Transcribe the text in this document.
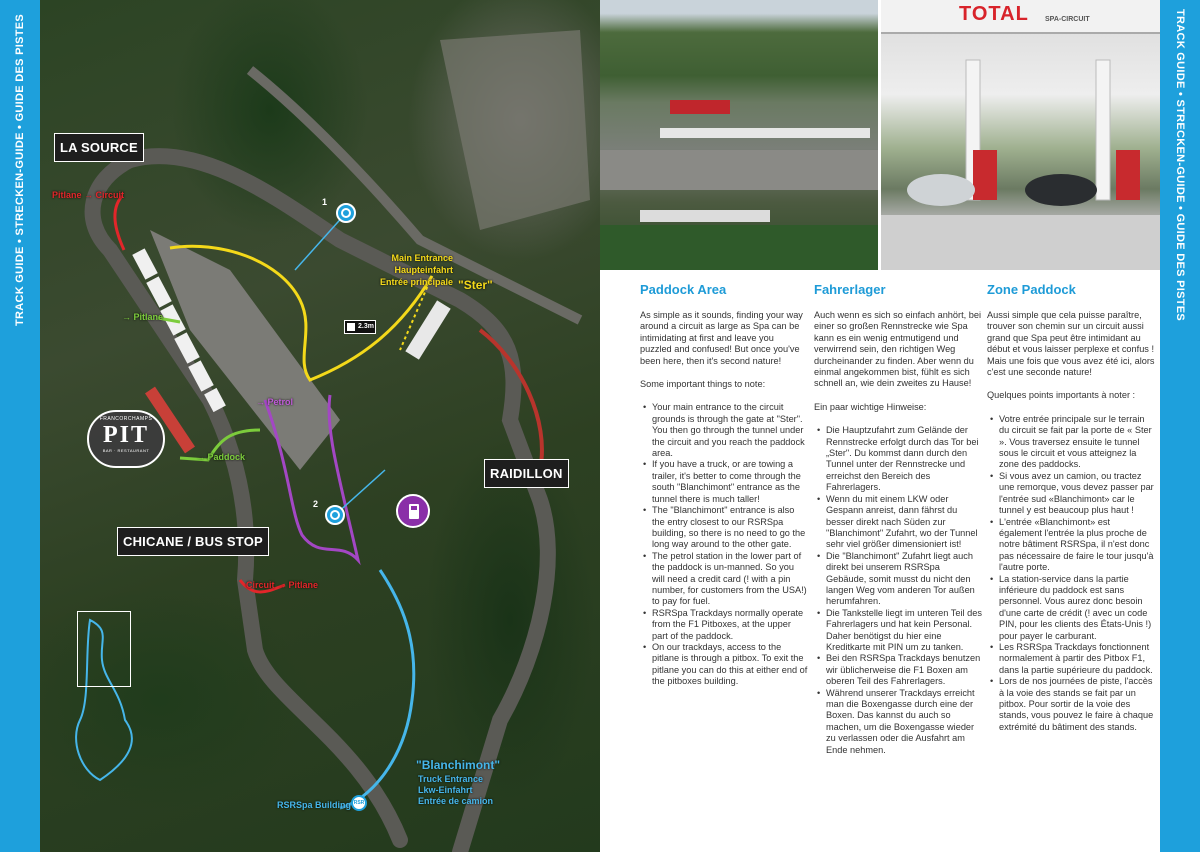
TRACK GUIDE • STRECKEN-GUIDE • GUIDE DES PISTES	LA SOURCE
RAIDILLON
CHICANE / BUS STOP
Main Entrance
Haupteinfahrt
Entrée principale "Ster"
Pitlane → Circuit
→ Pitlane
→ Paddock
→ Petrol
Circuit → Pitlane
"Blanchimont"
Truck Entrance
Lkw-Einfahrt
Entrée de camion
RSRSpa Building RSR
1
2
2.3m
FRANCORCHAMPS
PIT
BAR · RESTAURANT
TOTAL SPA-CIRCUIT
Paddock Area

As simple as it sounds, finding your way around a circuit as large as Spa can be intimidating at first and leave you puzzled and confused! But once you've been here, then it's second nature!

Some important things to note:

• Your main entrance to the circuit grounds is through the gate at "Ster". You then go through the tunnel under the circuit and you reach the paddock area.
• If you have a truck, or are towing a trailer, it's better to come through the south "Blanchimont" entrance as the tunnel there is much taller!
• The "Blanchimont" entrance is also the entry closest to our RSRSpa building, so there is no need to go the long way around to the other gate.
• The petrol station in the lower part of the paddock is un-manned. So you will need a credit card (! with a pin number, for customers from the USA!) to pay for fuel.
• RSRSpa Trackdays normally operate from the F1 Pitboxes, at the upper part of the paddock.
• On our trackdays, access to the pitlane is through a pitbox. To exit the pitlane you can do this at either end of the pitboxes building.
Fahrerlager

Auch wenn es sich so einfach anhört, bei einer so großen Rennstrecke wie Spa kann es ein wenig entmutigend und verwirrend sein, den richtigen Weg durcheinander zu finden. Aber wenn du einmal angekommen bist, fühlt es sich schnell an, wie dein zweites zu Hause!

Ein paar wichtige Hinweise:

• Die Hauptzufahrt zum Gelände der Rennstrecke erfolgt durch das Tor bei „Ster". Du kommst dann durch den Tunnel unter der Rennstrecke und erreichst den Bereich des Fahrerlagers.
• Wenn du mit einem LKW oder Gespann anreist, dann fährst du besser direkt nach Süden zur "Blanchimont" Zufahrt, wo der Tunnel sehr viel größer dimensioniert ist!
• Die "Blanchimont" Zufahrt liegt auch direkt bei unserem RSRSpa Gebäude, somit musst du nicht den langen Weg vom anderen Tor außen herumfahren.
• Die Tankstelle liegt im unteren Teil des Fahrerlagers und hat kein Personal. Daher benötigst du hier eine Kreditkarte mit PIN um zu tanken.
• Bei den RSRSpa Trackdays benutzen wir üblicherweise die F1 Boxen am oberen Teil des Fahrerlagers.
• Während unserer Trackdays erreicht man die Boxengasse durch eine der Boxen. Das kannst du auch so machen, um die Boxengasse wieder zu verlassen oder die Ausfahrt am Ende nehmen.
Zone Paddock

Aussi simple que cela puisse paraître, trouver son chemin sur un circuit aussi grand que Spa peut être intimidant au début et vous laisser perplexe et confus ! Mais une fois que vous avez été ici, alors c'est une seconde nature!

Quelques points importants à noter :

• Votre entrée principale sur le terrain du circuit se fait par la porte de « Ster ». Vous traversez ensuite le tunnel sous le circuit et vous atteignez la zone des paddocks.
• Si vous avez un camion, ou tractez une remorque, vous devez passer par l'entrée sud «Blanchimont» car le tunnel y est beaucoup plus haut !
• L'entrée «Blanchimont» est également l'entrée la plus proche de notre bâtiment RSRSpa, il n'est donc pas nécessaire de faire le tour jusqu'à l'autre porte.
• La station-service dans la partie inférieure du paddock est sans personnel. Vous aurez donc besoin d'une carte de crédit (! avec un code PIN, pour les clients des États-Unis !) pour payer le carburant.
• Les RSRSpa Trackdays fonctionnent normalement à partir des Pitbox F1, dans la partie supérieure du paddock.
• Lors de nos journées de piste, l'accès à la voie des stands se fait par un pitbox. Pour sortir de la voie des stands, vous pouvez le faire à chaque extrémité du bâtiment des stands.
TRACK GUIDE • STRECKEN-GUIDE • GUIDE DES PISTES
